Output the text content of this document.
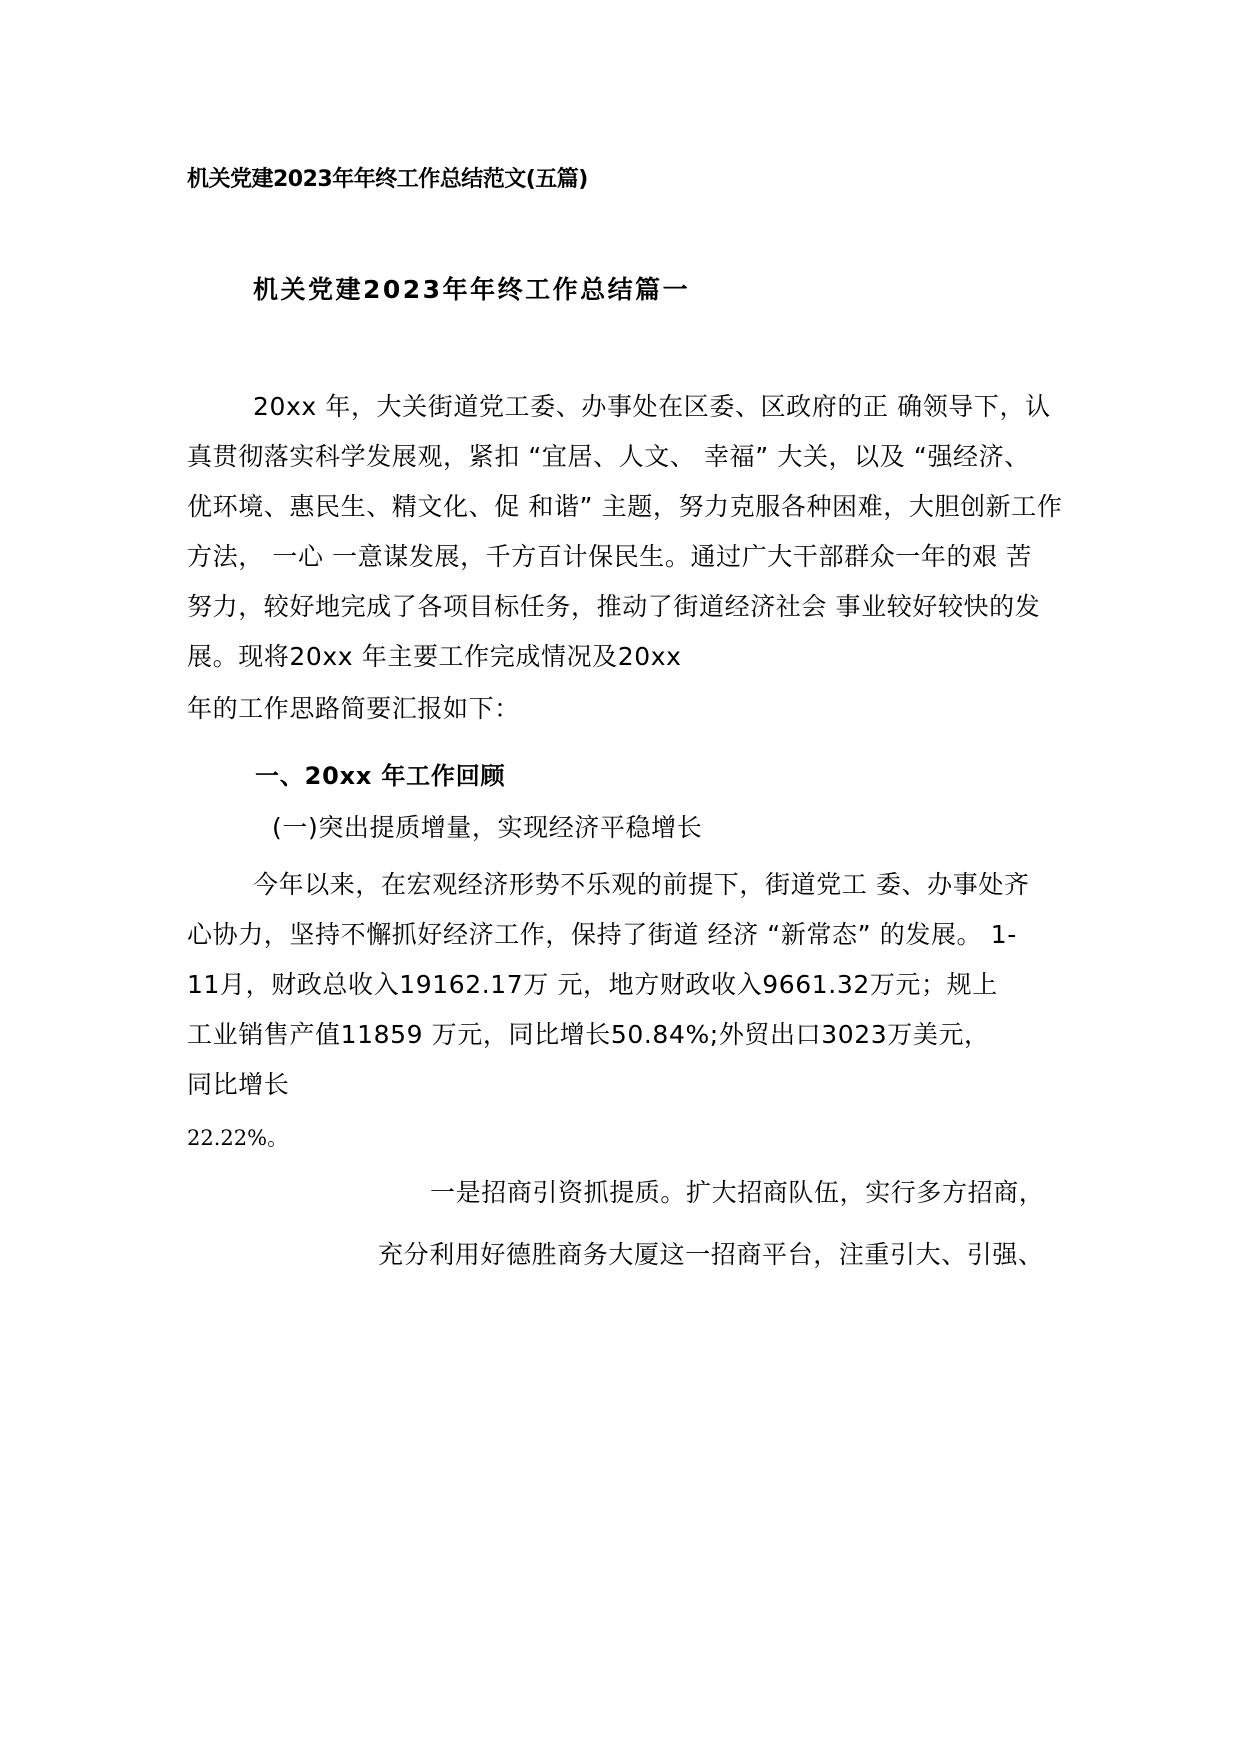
机关党建2023年年终工作总结范文(五篇)
机关党建2023年年终工作总结篇一
20xx 年，大关街道党工委、办事处在区委、区政府的正 确领导下，认
真贯彻落实科学发展观，紧扣 “宜居、人文、 幸福” 大关，以及 “强经济、
优环境、惠民生、精文化、促 和谐” 主题，努力克服各种困难，大胆创新工作
方法， 一心 一意谋发展，千方百计保民生。通过广大干部群众一年的艰 苦
努力，较好地完成了各项目标任务，推动了街道经济社会 事业较好较快的发
展。现将20xx 年主要工作完成情况及20xx
年的工作思路简要汇报如下：
一、20xx 年工作回顾
(一)突出提质增量，实现经济平稳增长
今年以来，在宏观经济形势不乐观的前提下，街道党工 委、办事处齐
心协力，坚持不懈抓好经济工作，保持了街道 经济 “新常态” 的发展。 1-
11月，财政总收入19162.17万 元，地方财政收入9661.32万元；规上
工业销售产值11859 万元，同比增长50.84%;外贸出口3023万美元，
同比增长
22.22%。
一是招商引资抓提质。扩大招商队伍，实行多方招商，
充分利用好德胜商务大厦这一招商平台，注重引大、引强、
